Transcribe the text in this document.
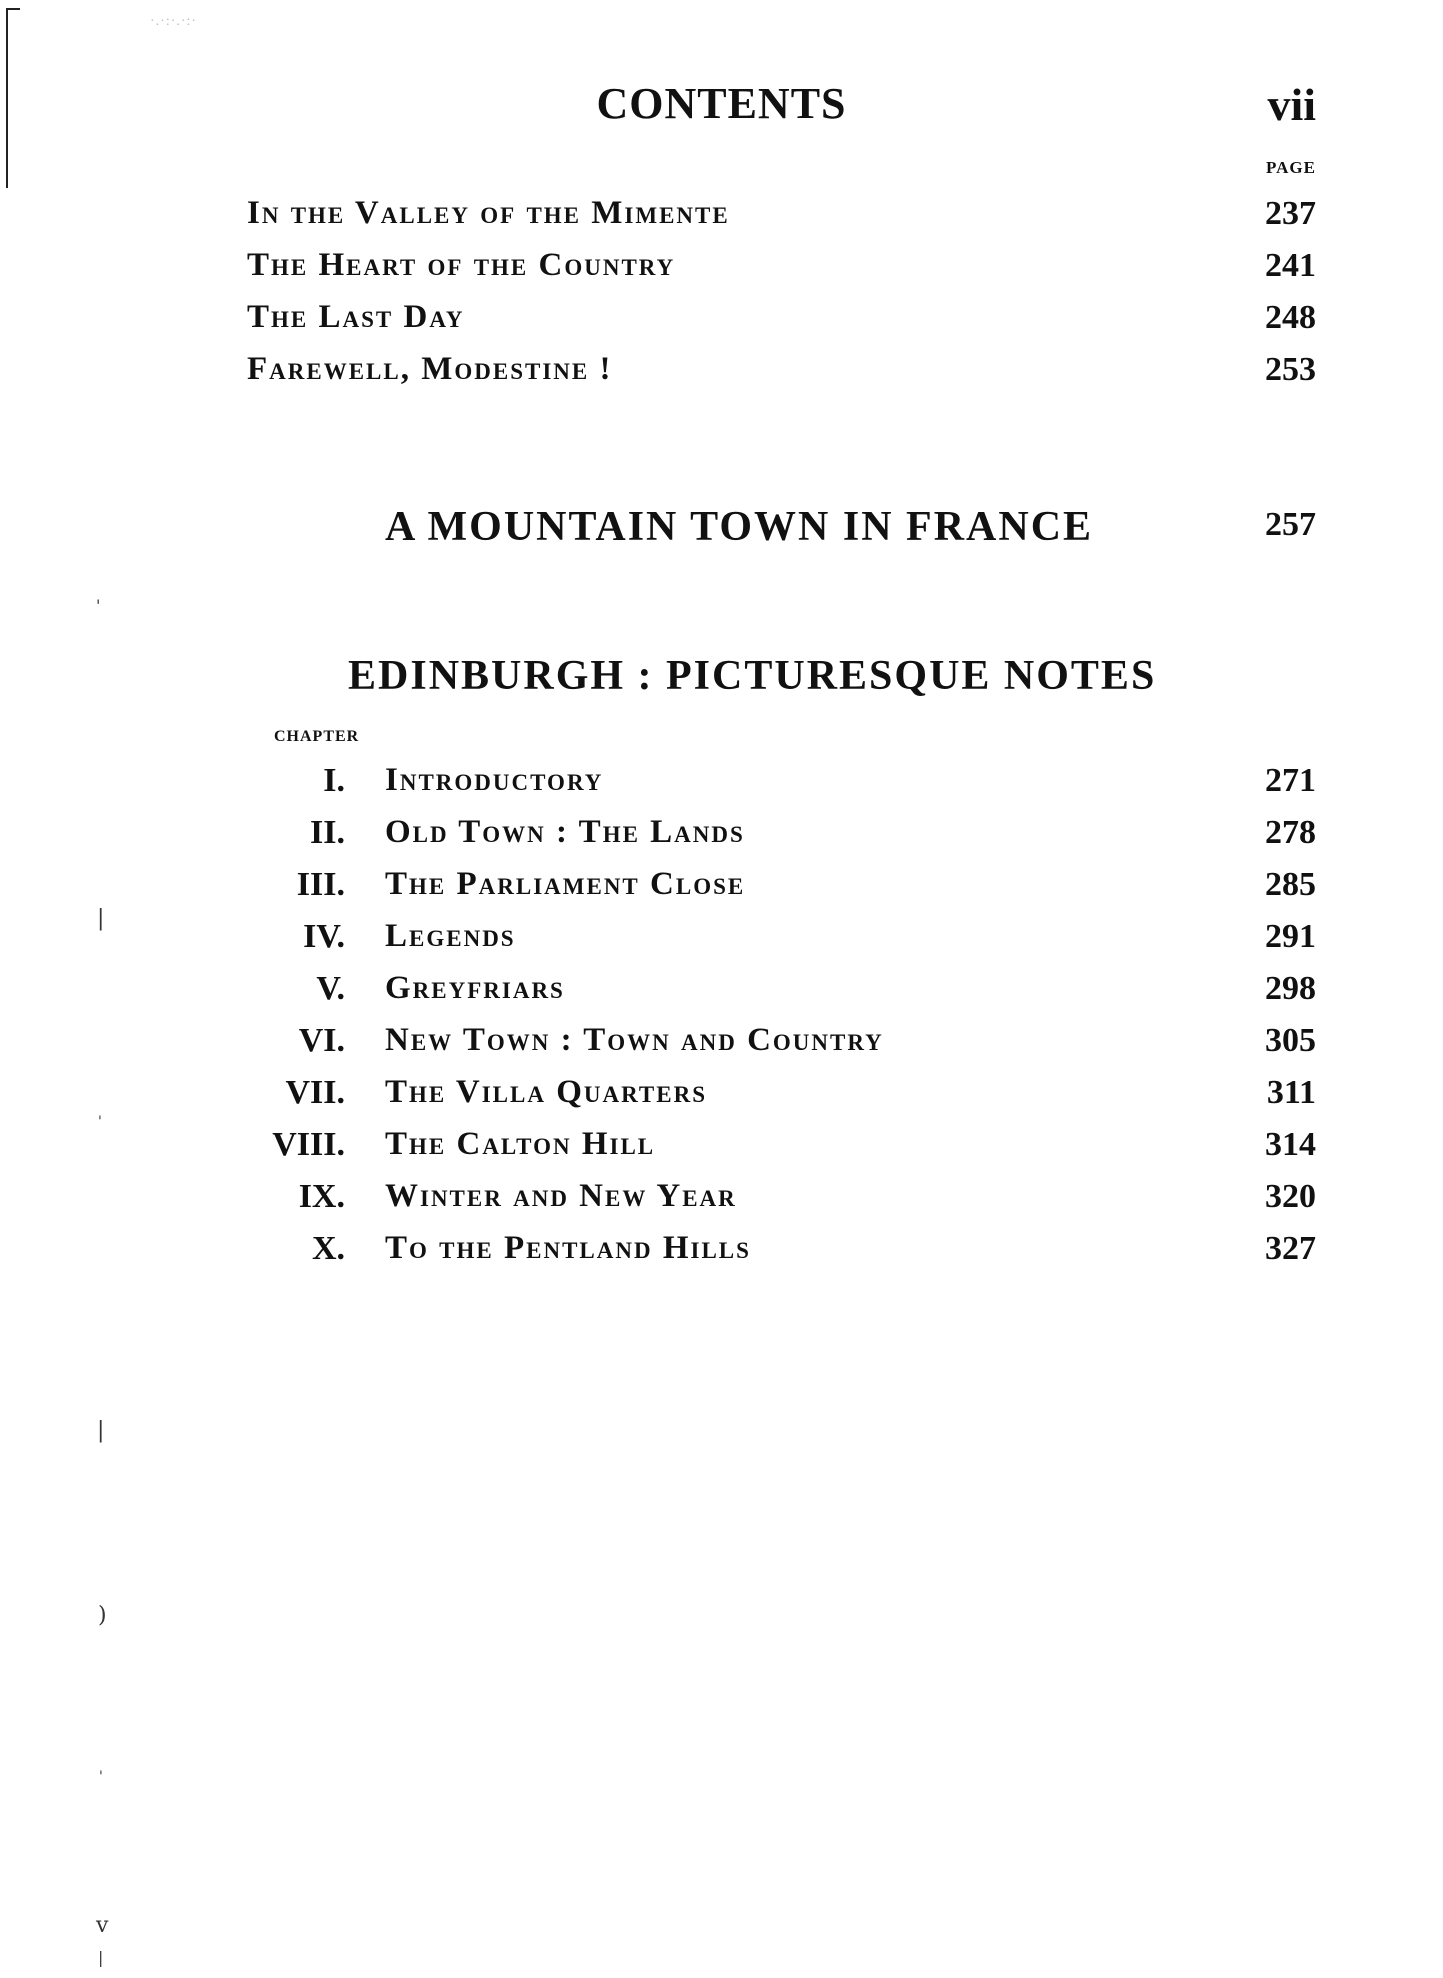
·.·:·.·:·
'
|
'
|
)
'
v
|
CONTENTS	vii
PAGE
In the Valley of the Mimente	237
The Heart of the Country	241
The Last Day	248
Farewell, Modestine !	253
A MOUNTAIN TOWN IN FRANCE	257
EDINBURGH : PICTURESQUE NOTES
CHAPTER
I. Introductory	271
II. Old Town : The Lands	278
III. The Parliament Close	285
IV. Legends	291
V. Greyfriars	298
VI. New Town : Town and Country	305
VII. The Villa Quarters	311
VIII. The Calton Hill	314
IX. Winter and New Year	320
X. To the Pentland Hills	327
